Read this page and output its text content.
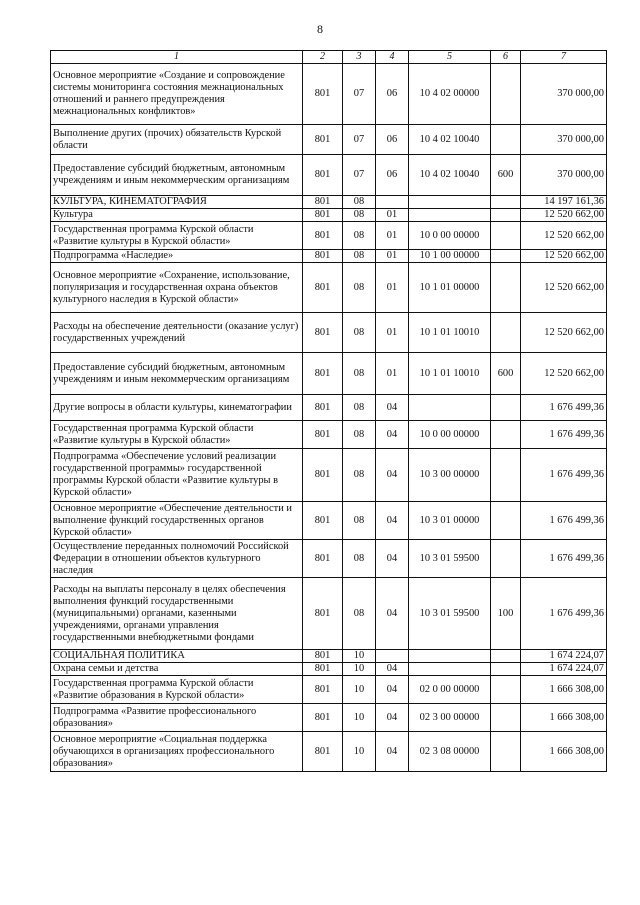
8
1	2	3	4	5	6	7
Основное мероприятие «Создание и сопровождение системы мониторинга состояния межнациональных отношений и раннего предупреждения межнациональных конфликтов»	801	07	06	10 4 02 00000		370 000,00
Выполнение других (прочих) обязательств Курской области	801	07	06	10 4 02 10040		370 000,00
Предоставление субсидий бюджетным, автономным учреждениям и иным некоммерческим организациям	801	07	06	10 4 02 10040	600	370 000,00
КУЛЬТУРА, КИНЕМАТОГРАФИЯ	801	08				14 197 161,36
Культура	801	08	01			12 520 662,00
Государственная программа Курской области «Развитие культуры в Курской области»	801	08	01	10 0 00 00000		12 520 662,00
Подпрограмма «Наследие»	801	08	01	10 1 00 00000		12 520 662,00
Основное мероприятие «Сохранение, использование, популяризация и государственная охрана объектов культурного наследия в Курской области»	801	08	01	10 1 01 00000		12 520 662,00
Расходы на обеспечение деятельности (оказание услуг) государственных учреждений	801	08	01	10 1 01 10010		12 520 662,00
Предоставление субсидий бюджетным, автономным учреждениям и иным некоммерческим организациям	801	08	01	10 1 01 10010	600	12 520 662,00
Другие вопросы в области культуры, кинематографии	801	08	04			1 676 499,36
Государственная программа Курской области «Развитие культуры в Курской области»	801	08	04	10 0 00 00000		1 676 499,36
Подпрограмма «Обеспечение условий реализации государственной программы» государственной программы Курской области «Развитие культуры в Курской области»	801	08	04	10 3 00 00000		1 676 499,36
Основное мероприятие «Обеспечение деятельности и выполнение функций государственных органов Курской области»	801	08	04	10 3 01 00000		1 676 499,36
Осуществление переданных полномочий Российской Федерации в отношении объектов культурного наследия	801	08	04	10 3 01 59500		1 676 499,36
Расходы на выплаты персоналу в целях обеспечения выполнения функций государственными (муниципальными) органами, казенными учреждениями, органами управления государственными внебюджетными фондами	801	08	04	10 3 01 59500	100	1 676 499,36
СОЦИАЛЬНАЯ ПОЛИТИКА	801	10				1 674 224,07
Охрана семьи и детства	801	10	04			1 674 224,07
Государственная программа Курской области «Развитие образования в Курской области»	801	10	04	02 0 00 00000		1 666 308,00
Подпрограмма «Развитие профессионального образования»	801	10	04	02 3 00 00000		1 666 308,00
Основное мероприятие «Социальная поддержка обучающихся в организациях профессионального образования»	801	10	04	02 3 08 00000		1 666 308,00
